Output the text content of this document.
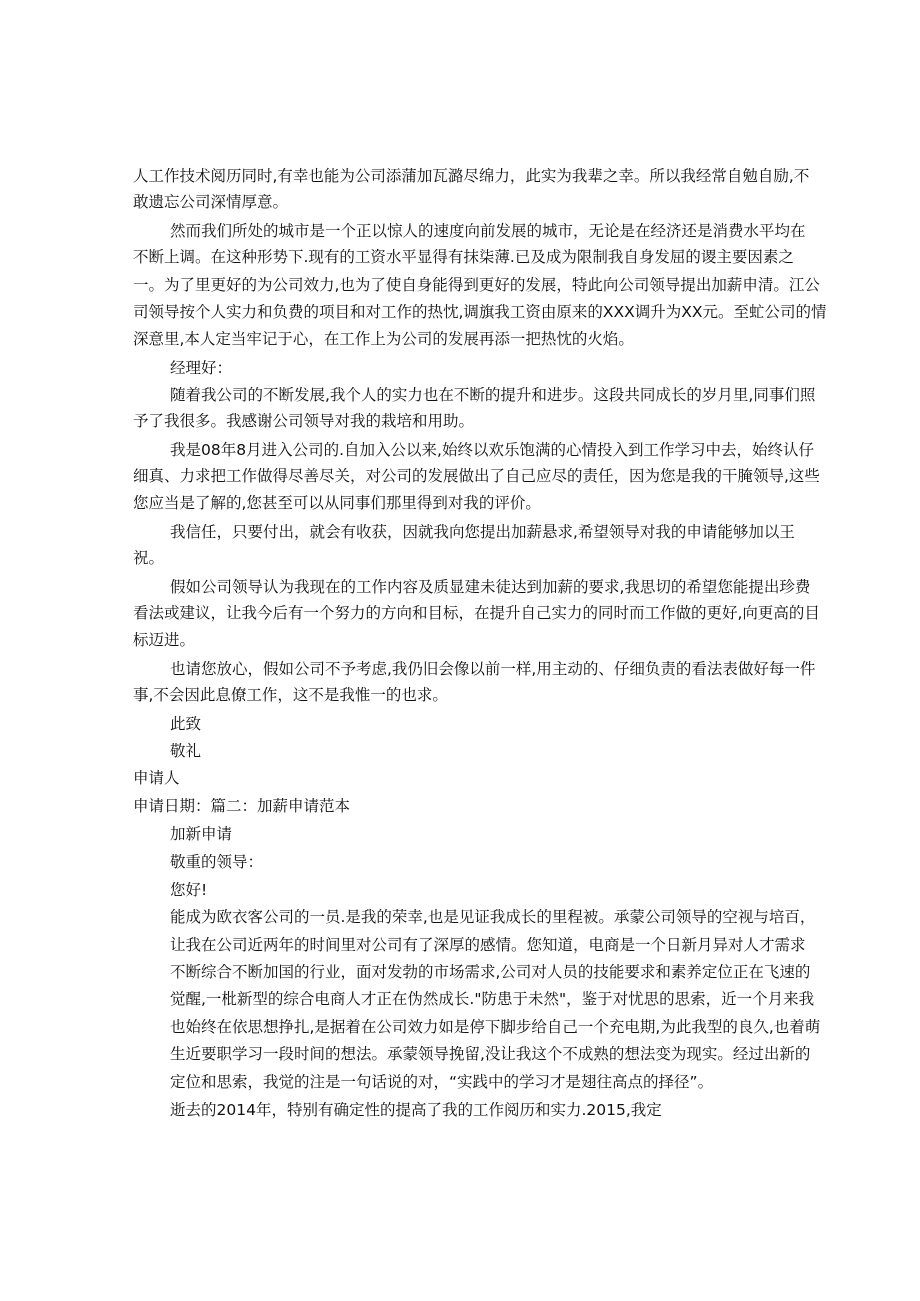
人工作技术阅历同时,有幸也能为公司添蒲加瓦潞尽绵力，此实为我辈之幸。所以我经常自勉自励,不
敢遗忘公司深情厚意。
然而我们所处的城市是一个正以惊人的速度向前发展的城市，无论是在经济还是消费水平均在
不断上调。在这种形势下.现有的工资水平显得有抹柒薄.已及成为限制我自身发屈的谡主要因素之
一。为了里更好的为公司效力,也为了使自身能得到更好的发展，特此向公司领导提出加薪申清。江公
司领导按个人实力和负费的项目和对工作的热忱,调旗我工资由原来的XXX调升为XX元。至虻公司的情
深意里,本人定当牢记于心，在工作上为公司的发展再添一把热忱的火焰。
经理好：
随着我公司的不断发展,我个人的实力也在不断的提升和进步。这段共同成长的岁月里,同事们照
予了我很多。我感谢公司领导对我的栽培和用助。
我是08年8月进入公司的.自加入公以来,始终以欢乐饱满的心情投入到工作学习中去，始终认仔
细真、力求把工作做得尽善尽关，对公司的发展做出了自己应尽的责任，因为您是我的干腌领导,这些
您应当是了解的,您甚至可以从同事们那里得到对我的评价。
我信任，只要付出，就会有收获，因就我向您提出加薪悬求,希望领导对我的申请能够加以王
祝。
假如公司领导认为我现在的工作内容及质显建未徒达到加薪的要求,我思切的希望您能提出珍费
看法或建议，让我今后有一个努力的方向和目标，在提升自己实力的同时而工作做的更好,向更高的目
标迈进。
也请您放心，假如公司不予考虑,我仍旧会像以前一样,用主动的、仔细负责的看法表做好每一件
事,不会因此息僚工作，这不是我惟一的也求。
此致
敬礼
申请人
申请日期：篇二：加薪申请范本
加新申请
敬重的领导：
您好!
能成为欧衣客公司的一员.是我的荣幸,也是见证我成长的里程被。承蒙公司领导的空视与培百，
让我在公司近两年的时间里对公司有了深厚的感情。您知道，电商是一个日新月异对人才需求
不断综合不断加国的行业，面对发勃的市场需求,公司对人员的技能要求和素养定位正在飞速的
觉醒,一枇新型的综合电商人才正在伪然成长."防患于未然"，鉴于对忧思的思索，近一个月来我
也始终在依思想挣扎,是据着在公司效力如是停下脚步给自己一个充电期,为此我型的良久,也着萌
生近要职学习一段时间的想法。承蒙领导挽留,没让我这个不成熟的想法变为现实。经过出新的
定位和思索，我觉的注是一句话说的对，“实践中的学习才是翅往高点的择径”。
逝去的2014年，特别有确定性的提高了我的工作阅历和实力.2015,我定
